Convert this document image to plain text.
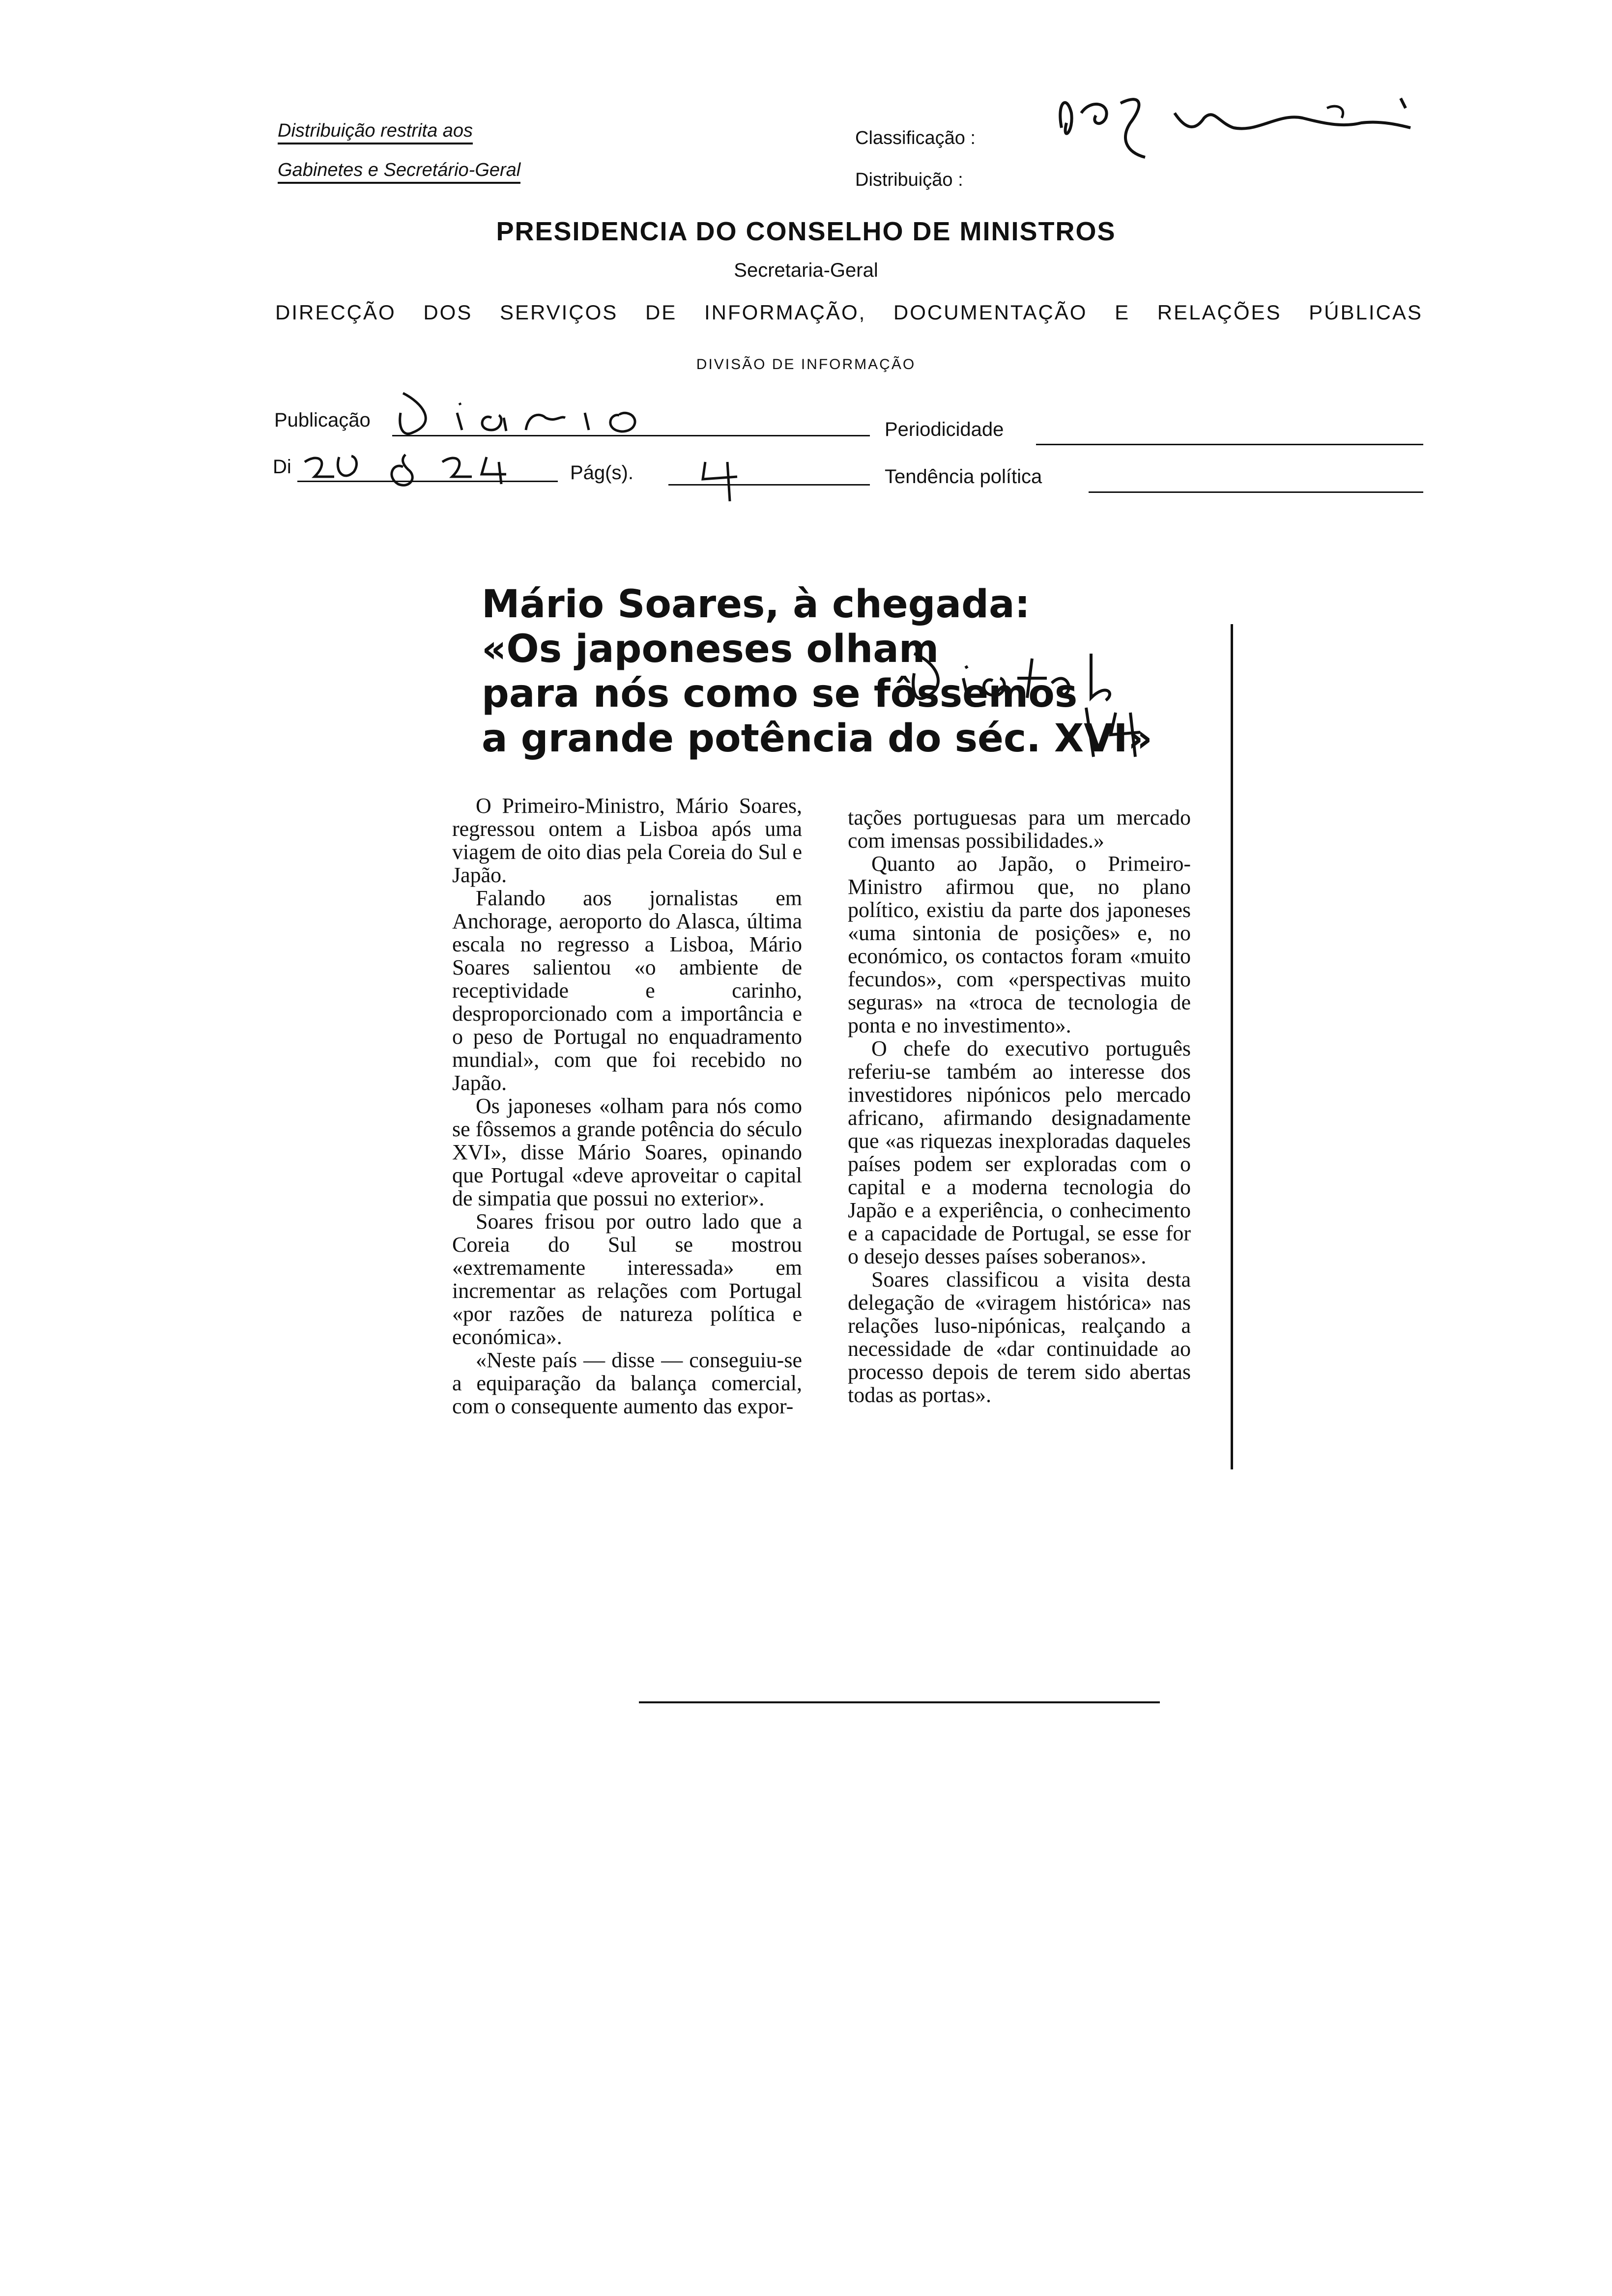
Distribuição restrita aos
Gabinetes e Secretário-Geral
Classificação :
Distribuição :
PRESIDENCIA DO CONSELHO DE MINISTROS
Secretaria-Geral
DIRECÇÃO DOS SERVIÇOS DE INFORMAÇÃO, DOCUMENTAÇÃO E RELAÇÕES PÚBLICAS
DIVISÃO DE INFORMAÇÃO
Publicação	Periodicidade
Di	Pág(s).	Tendência política
Mário Soares, à chegada:
«Os japoneses olham
para nós como se fôssemos
a grande potência do séc. XVI»

O Primeiro-Ministro, Mário Soares, regressou ontem a Lisboa após uma viagem de oito dias pela Coreia do Sul e Japão.

Falando aos jornalistas em Anchorage, aeroporto do Alasca, última escala no regresso a Lisboa, Mário Soares salientou «o ambiente de receptividade e carinho, desproporcionado com a importância e o peso de Portugal no enquadramento mundial», com que foi recebido no Japão.

Os japoneses «olham para nós como se fôssemos a grande potência do século XVI», disse Mário Soares, opinando que Portugal «deve aproveitar o capital de simpatia que possui no exterior».

Soares frisou por outro lado que a Coreia do Sul se mostrou «extremamente interessada» em incrementar as relações com Portugal «por razões de natureza política e económica».

«Neste país — disse — conseguiu-se a equiparação da balança comercial, com o consequente aumento das expor-

tações portuguesas para um mercado com imensas possibilidades.»

Quanto ao Japão, o Primeiro-Ministro afirmou que, no plano político, existiu da parte dos japoneses «uma sintonia de posições» e, no económico, os contactos foram «muito fecundos», com «perspectivas muito seguras» na «troca de tecnologia de ponta e no investimento».

O chefe do executivo português referiu-se também ao interesse dos investidores nipónicos pelo mercado africano, afirmando designadamente que «as riquezas inexploradas daqueles países podem ser exploradas com o capital e a moderna tecnologia do Japão e a experiência, o conhecimento e a capacidade de Portugal, se esse for o desejo desses países soberanos».

Soares classificou a visita desta delegação de «viragem histórica» nas relações luso-nipónicas, realçando a necessidade de «dar continuidade ao processo depois de terem sido abertas todas as portas».
